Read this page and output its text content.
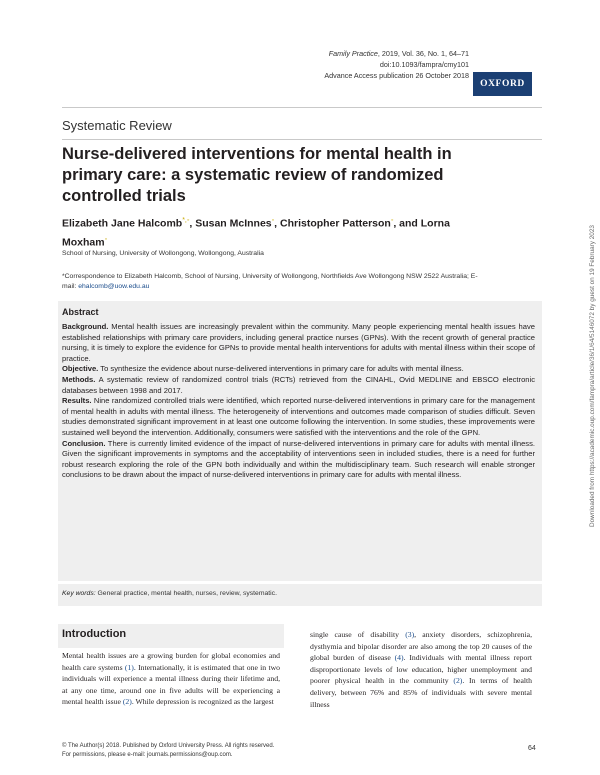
Family Practice, 2019, Vol. 36, No. 1, 64–71
doi:10.1093/fampra/cmy101
Advance Access publication 26 October 2018
OXFORD
Systematic Review
Nurse-delivered interventions for mental health in primary care: a systematic review of randomized controlled trials
Elizabeth Jane Halcomb*,◦, Susan McInnes◦, Christopher Patterson◦, and Lorna Moxham◦
School of Nursing, University of Wollongong, Wollongong, Australia
*Correspondence to Elizabeth Halcomb, School of Nursing, University of Wollongong, Northfields Ave Wollongong NSW 2522 Australia; E-mail: ehalcomb@uow.edu.au
Abstract

Background. Mental health issues are increasingly prevalent within the community. Many people experiencing mental health issues have established relationships with primary care providers, including general practice nurses (GPNs). With the recent growth of general practice nursing, it is timely to explore the evidence for GPNs to provide mental health interventions for adults with mental illness within their scope of practice.

Objective. To synthesize the evidence about nurse-delivered interventions in primary care for adults with mental illness.

Methods. A systematic review of randomized control trials (RCTs) retrieved from the CINAHL, Ovid MEDLINE and EBSCO electronic databases between 1998 and 2017.

Results. Nine randomized controlled trials were identified, which reported nurse-delivered interventions in primary care for the management of mental health in adults with mental illness. The heterogeneity of interventions and outcomes made comparison of studies difficult. Seven studies demonstrated significant improvement in at least one outcome following the intervention. In some studies, these improvements were sustained well beyond the intervention. Additionally, consumers were satisfied with the interventions and the role of the GPN.

Conclusion. There is currently limited evidence of the impact of nurse-delivered interventions in primary care for adults with mental illness. Given the significant improvements in symptoms and the acceptability of interventions seen in included studies, there is a need for further robust research exploring the role of the GPN both individually and within the multidisciplinary team. Such research will enable stronger conclusions to be drawn about the impact of nurse-delivered interventions in primary care for adults with mental illness.

Key words: General practice, mental health, nurses, review, systematic.
Introduction
Mental health issues are a growing burden for global economies and health care systems (1). Internationally, it is estimated that one in two individuals will experience a mental illness during their lifetime and, at any one time, around one in five adults will be experiencing a mental health issue (2). While depression is recognized as the largest
single cause of disability (3), anxiety disorders, schizophrenia, dysthymia and bipolar disorder are also among the top 20 causes of the global burden of disease (4). Individuals with mental illness report disproportionate levels of low education, higher unemployment and poorer physical health in the community (2). In terms of health delivery, between 76% and 85% of individuals with severe mental illness
© The Author(s) 2018. Published by Oxford University Press. All rights reserved.
For permissions, please e-mail: journals.permissions@oup.com.
64
Downloaded from https://academic.oup.com/fampra/article/36/1/64/5146072 by guest on 19 February 2023
